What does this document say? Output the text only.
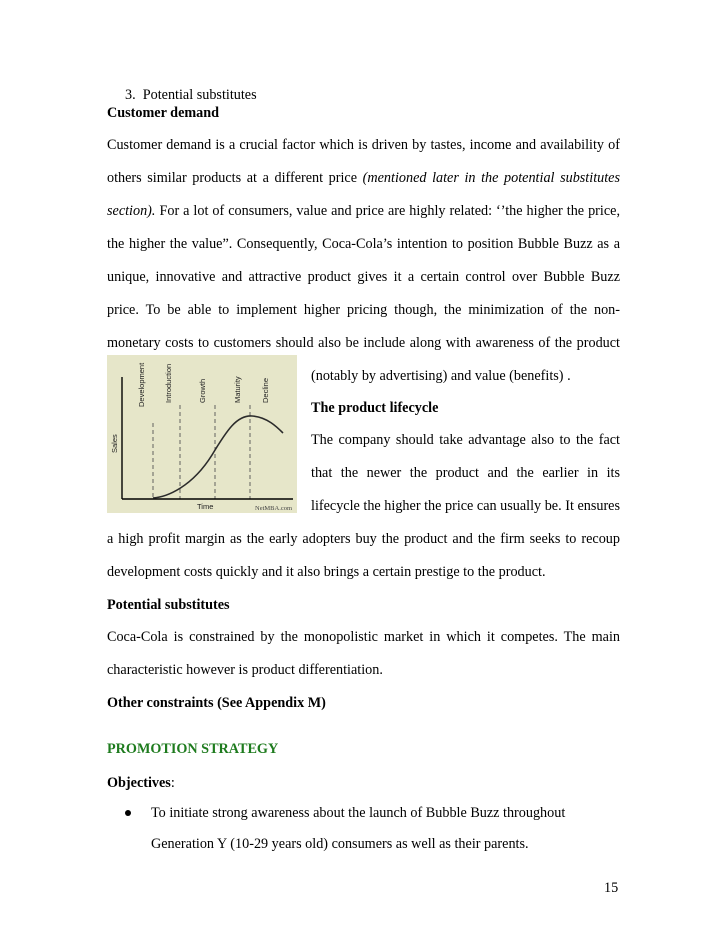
3. Potential substitutes
Customer demand
Customer demand is a crucial factor which is driven by tastes, income and availability of
others similar products at a different price (mentioned later in the potential substitutes
section). For a lot of consumers, value and price are highly related: ‘’the higher the price,
the higher the value”. Consequently, Coca-Cola’s intention to position Bubble Buzz as a
unique, innovative and attractive product gives it a certain control over Bubble Buzz
price. To be able to implement higher pricing though, the minimization of the non-
monetary costs to customers should also be include along with awareness of the product
Development Introduction	Growth	Maturity	Decline
Sales
Time	NetMBA.com
(notably by advertising) and value (benefits) .
The product lifecycle
The company should take advantage also to the fact
that the newer the product and the earlier in its
lifecycle the higher the price can usually be. It ensures
a high profit margin as the early adopters buy the product and the firm seeks to recoup
development costs quickly and it also brings a certain prestige to the product.
Potential substitutes
Coca-Cola is constrained by the monopolistic market in which it competes. The main
characteristic however is product differentiation.
Other constraints (See Appendix M)
PROMOTION STRATEGY
Objectives:
To initiate strong awareness about the launch of Bubble Buzz throughout
Generation Y (10-29 years old) consumers as well as their parents.
15
